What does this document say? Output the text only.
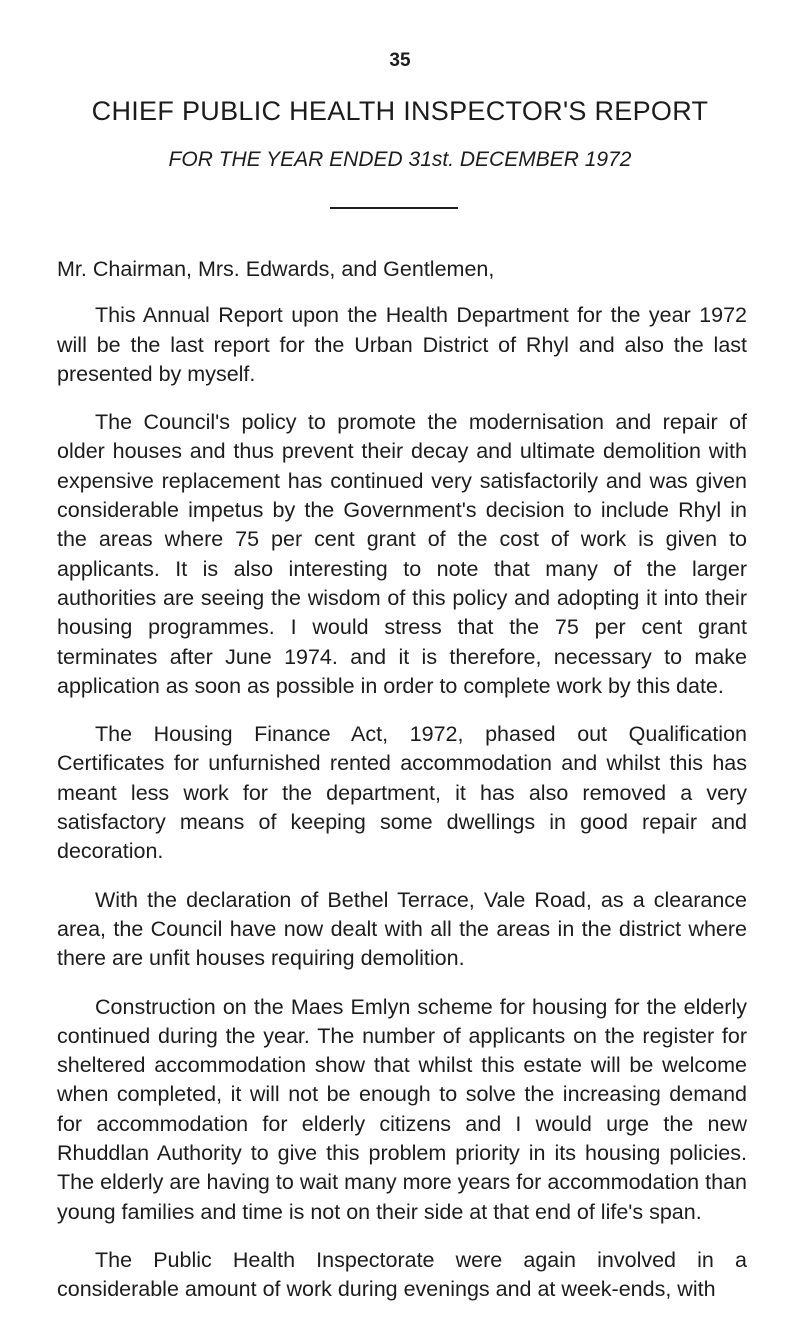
35
CHIEF PUBLIC HEALTH INSPECTOR'S REPORT
FOR THE YEAR ENDED 31st. DECEMBER 1972

Mr. Chairman, Mrs. Edwards, and Gentlemen,

This Annual Report upon the Health Department for the year 1972 will be the last report for the Urban District of Rhyl and also the last presented by myself.

The Council's policy to promote the modernisation and repair of older houses and thus prevent their decay and ultimate demolition with expensive replacement has continued very satisfactorily and was given considerable impetus by the Government's decision to include Rhyl in the areas where 75 per cent grant of the cost of work is given to applicants. It is also interesting to note that many of the larger authorities are seeing the wisdom of this policy and adopting it into their housing programmes. I would stress that the 75 per cent grant terminates after June 1974. and it is therefore, necessary to make application as soon as possible in order to complete work by this date.

The Housing Finance Act, 1972, phased out Qualification Certificates for unfurnished rented accommodation and whilst this has meant less work for the department, it has also removed a very satisfactory means of keeping some dwellings in good repair and decoration.

With the declaration of Bethel Terrace, Vale Road, as a clearance area, the Council have now dealt with all the areas in the district where there are unfit houses requiring demolition.

Construction on the Maes Emlyn scheme for housing for the elderly continued during the year. The number of applicants on the register for sheltered accommodation show that whilst this estate will be welcome when completed, it will not be enough to solve the increasing demand for accommodation for elderly citizens and I would urge the new Rhuddlan Authority to give this problem priority in its housing policies. The elderly are having to wait many more years for accommodation than young families and time is not on their side at that end of life's span.

The Public Health Inspectorate were again involved in a considerable amount of work during evenings and at week-ends, with
